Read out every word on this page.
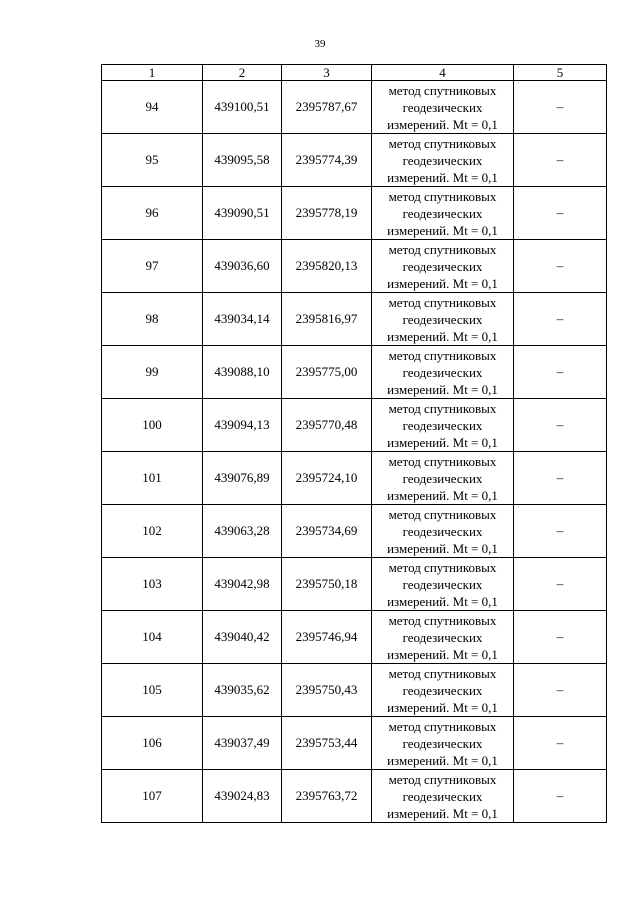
39
1	2	3	4	5
94	439100,51	2395787,67	метод спутниковых
геодезических
измерений. Mt = 0,1	–
95	439095,58	2395774,39	метод спутниковых
геодезических
измерений. Mt = 0,1	–
96	439090,51	2395778,19	метод спутниковых
геодезических
измерений. Mt = 0,1	–
97	439036,60	2395820,13	метод спутниковых
геодезических
измерений. Mt = 0,1	–
98	439034,14	2395816,97	метод спутниковых
геодезических
измерений. Mt = 0,1	–
99	439088,10	2395775,00	метод спутниковых
геодезических
измерений. Mt = 0,1	–
100	439094,13	2395770,48	метод спутниковых
геодезических
измерений. Mt = 0,1	–
101	439076,89	2395724,10	метод спутниковых
геодезических
измерений. Mt = 0,1	–
102	439063,28	2395734,69	метод спутниковых
геодезических
измерений. Mt = 0,1	–
103	439042,98	2395750,18	метод спутниковых
геодезических
измерений. Mt = 0,1	–
104	439040,42	2395746,94	метод спутниковых
геодезических
измерений. Mt = 0,1	–
105	439035,62	2395750,43	метод спутниковых
геодезических
измерений. Mt = 0,1	–
106	439037,49	2395753,44	метод спутниковых
геодезических
измерений. Mt = 0,1	–
107	439024,83	2395763,72	метод спутниковых
геодезических
измерений. Mt = 0,1	–
